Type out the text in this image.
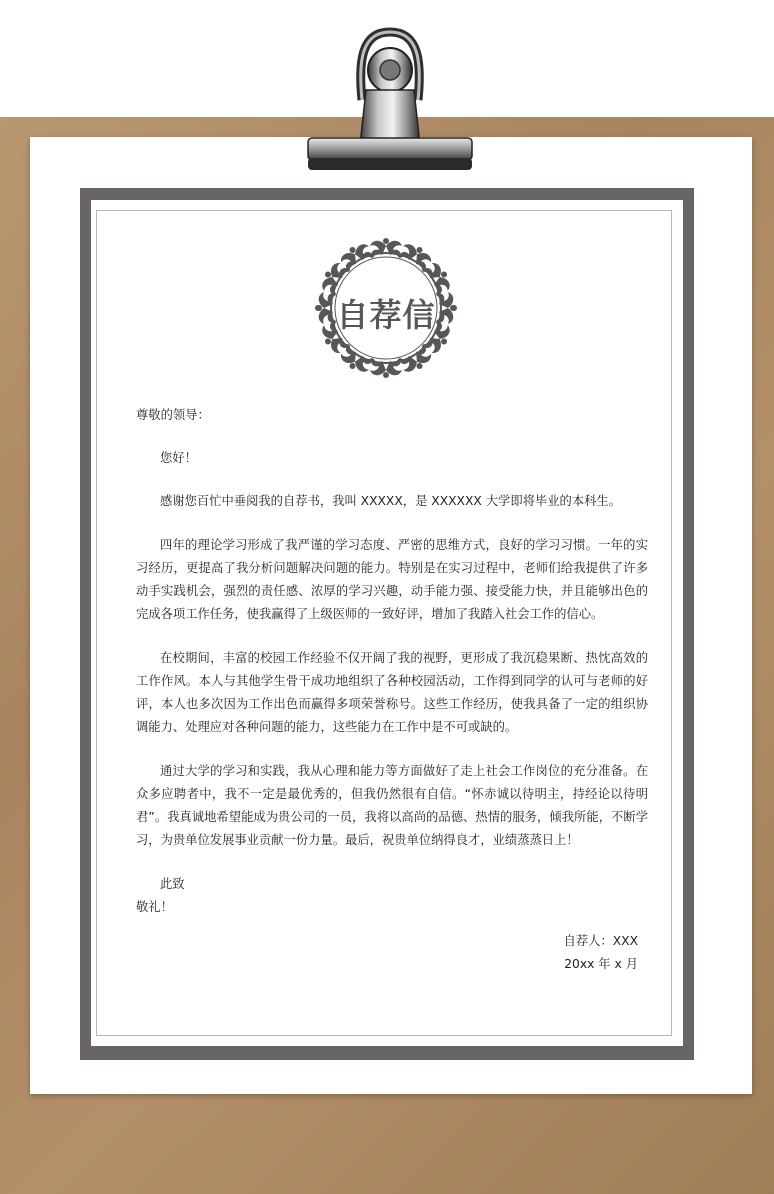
自荐信

尊敬的领导：

您好！

感谢您百忙中垂阅我的自荐书，我叫 XXXXX，是 XXXXXX 大学即将毕业的本科生。

四年的理论学习形成了我严谨的学习态度、严密的思维方式，良好的学习习惯。一年的实习经历，更提高了我分析问题解决问题的能力。特别是在实习过程中，老师们给我提供了许多动手实践机会，强烈的责任感、浓厚的学习兴趣，动手能力强、接受能力快，并且能够出色的完成各项工作任务，使我赢得了上级医师的一致好评，增加了我踏入社会工作的信心。

在校期间，丰富的校园工作经验不仅开阔了我的视野，更形成了我沉稳果断、热忱高效的工作作风。本人与其他学生骨干成功地组织了各种校园活动，工作得到同学的认可与老师的好评，本人也多次因为工作出色而赢得多项荣誉称号。这些工作经历，使我具备了一定的组织协调能力、处理应对各种问题的能力，这些能力在工作中是不可或缺的。

通过大学的学习和实践，我从心理和能力等方面做好了走上社会工作岗位的充分准备。在众多应聘者中，我不一定是最优秀的，但我仍然很有自信。“怀赤诚以待明主，持经论以待明君”。我真诚地希望能成为贵公司的一员，我将以高尚的品德、热情的服务，倾我所能，不断学习，为贵单位发展事业贡献一份力量。最后，祝贵单位纳得良才，业绩蒸蒸日上！

此致

敬礼！

自荐人：XXX
20xx 年 x 月
